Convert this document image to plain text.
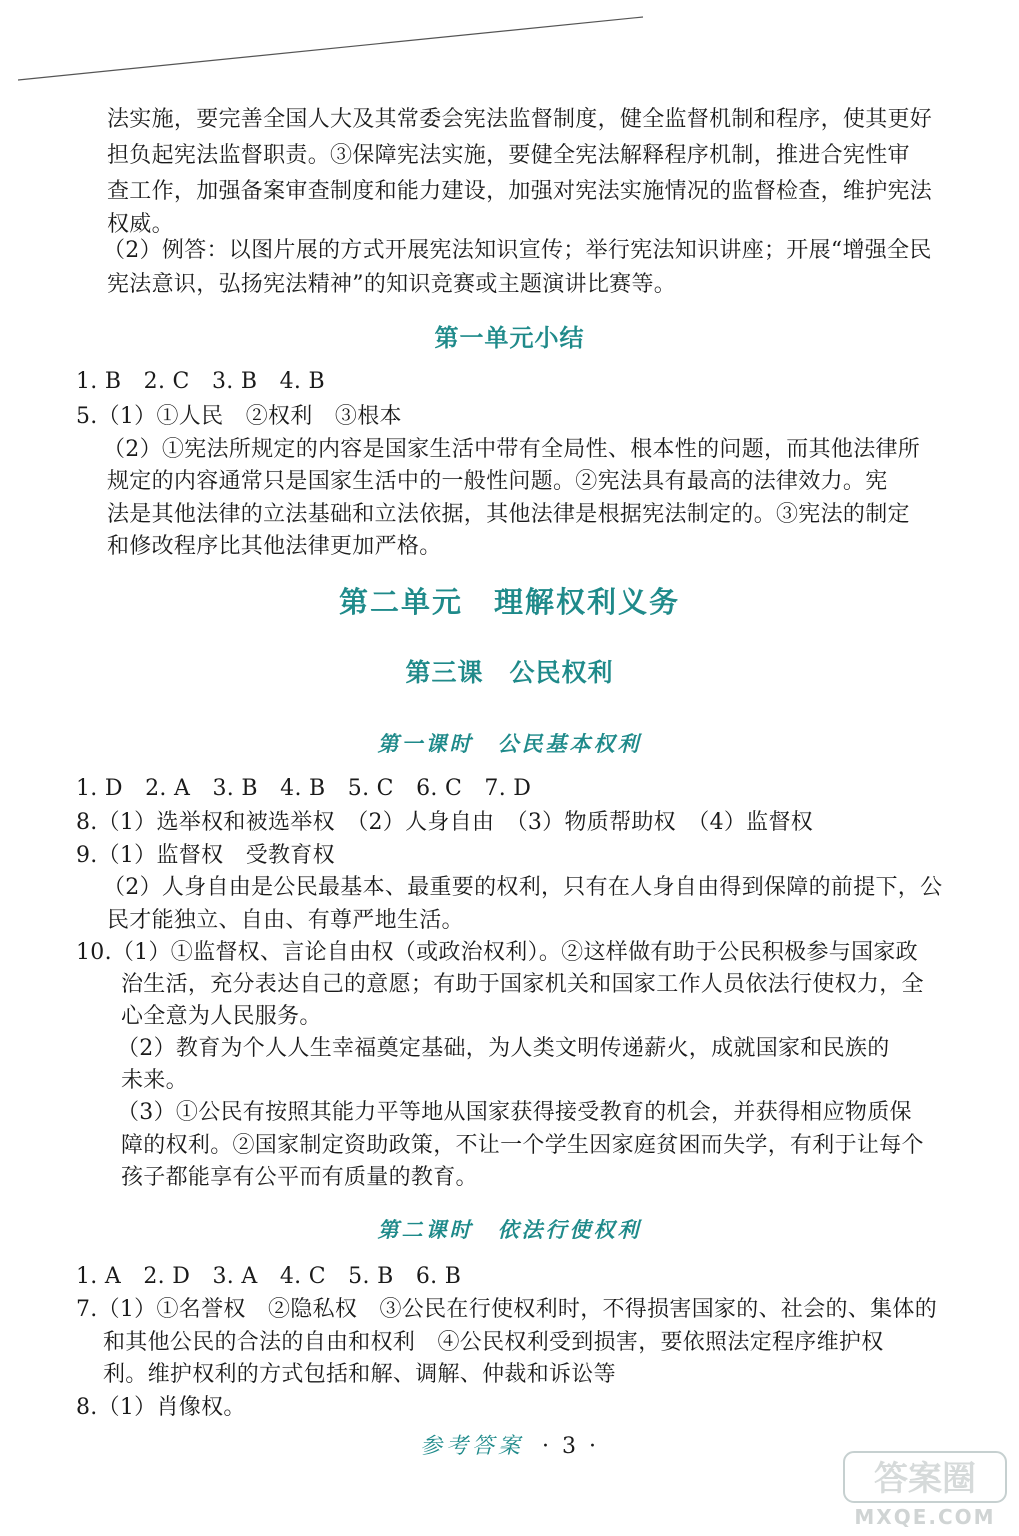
法实施，要完善全国人大及其常委会宪法监督制度，健全监督机制和程序，使其更好
担负起宪法监督职责。③保障宪法实施，要健全宪法解释程序机制，推进合宪性审
查工作，加强备案审查制度和能力建设，加强对宪法实施情况的监督检查，维护宪法
权威。
（2）例答：以图片展的方式开展宪法知识宣传；举行宪法知识讲座；开展“增强全民
宪法意识，弘扬宪法精神”的知识竞赛或主题演讲比赛等。
第一单元小结
1. B　2. C　3. B　4. B
5.（1）①人民　②权利　③根本
（2）①宪法所规定的内容是国家生活中带有全局性、根本性的问题，而其他法律所
规定的内容通常只是国家生活中的一般性问题。②宪法具有最高的法律效力。宪
法是其他法律的立法基础和立法依据，其他法律是根据宪法制定的。③宪法的制定
和修改程序比其他法律更加严格。
第二单元　理解权利义务
第三课　公民权利
第一课时　公民基本权利
1. D　2. A　3. B　4. B　5. C　6. C　7. D
8.（1）选举权和被选举权　（2）人身自由　（3）物质帮助权　（4）监督权
9.（1）监督权　受教育权
（2）人身自由是公民最基本、最重要的权利，只有在人身自由得到保障的前提下，公
民才能独立、自由、有尊严地生活。
10.（1）①监督权、言论自由权（或政治权利）。②这样做有助于公民积极参与国家政
治生活，充分表达自己的意愿；有助于国家机关和国家工作人员依法行使权力，全
心全意为人民服务。
（2）教育为个人人生幸福奠定基础，为人类文明传递薪火，成就国家和民族的
未来。
（3）①公民有按照其能力平等地从国家获得接受教育的机会，并获得相应物质保
障的权利。②国家制定资助政策，不让一个学生因家庭贫困而失学，有利于让每个
孩子都能享有公平而有质量的教育。
第二课时　依法行使权利
1. A　2. D　3. A　4. C　5. B　6. B
7.（1）①名誉权　②隐私权　③公民在行使权利时，不得损害国家的、社会的、集体的
和其他公民的合法的自由和权利　④公民权利受到损害，要依照法定程序维护权
利。维护权利的方式包括和解、调解、仲裁和诉讼等
8.（1）肖像权。
参考答案 · 3 ·
答案圈
MXQE.COM
